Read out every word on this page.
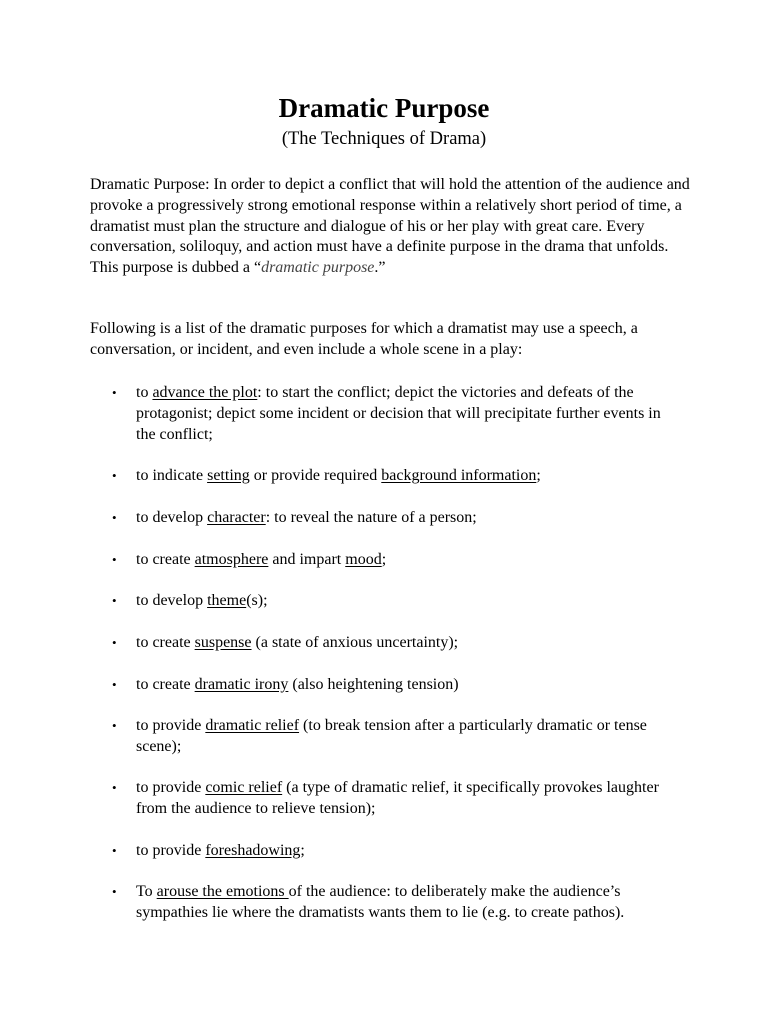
Dramatic Purpose
(The Techniques of Drama)

Dramatic Purpose: In order to depict a conflict that will hold the attention of the audience and provoke a progressively strong emotional response within a relatively short period of time, a dramatist must plan the structure and dialogue of his or her play with great care. Every conversation, soliloquy, and action must have a definite purpose in the drama that unfolds. This purpose is dubbed a “dramatic purpose.”

Following is a list of the dramatic purposes for which a dramatist may use a speech, a conversation, or incident, and even include a whole scene in a play:

• to advance the plot: to start the conflict; depict the victories and defeats of the protagonist; depict some incident or decision that will precipitate further events in the conflict;
• to indicate setting or provide required background information;
• to develop character: to reveal the nature of a person;
• to create atmosphere and impart mood;
• to develop theme(s);
• to create suspense (a state of anxious uncertainty);
• to create dramatic irony (also heightening tension)
• to provide dramatic relief (to break tension after a particularly dramatic or tense scene);
• to provide comic relief (a type of dramatic relief, it specifically provokes laughter from the audience to relieve tension);
• to provide foreshadowing;
• To arouse the emotions of the audience: to deliberately make the audience’s sympathies lie where the dramatists wants them to lie (e.g. to create pathos).
